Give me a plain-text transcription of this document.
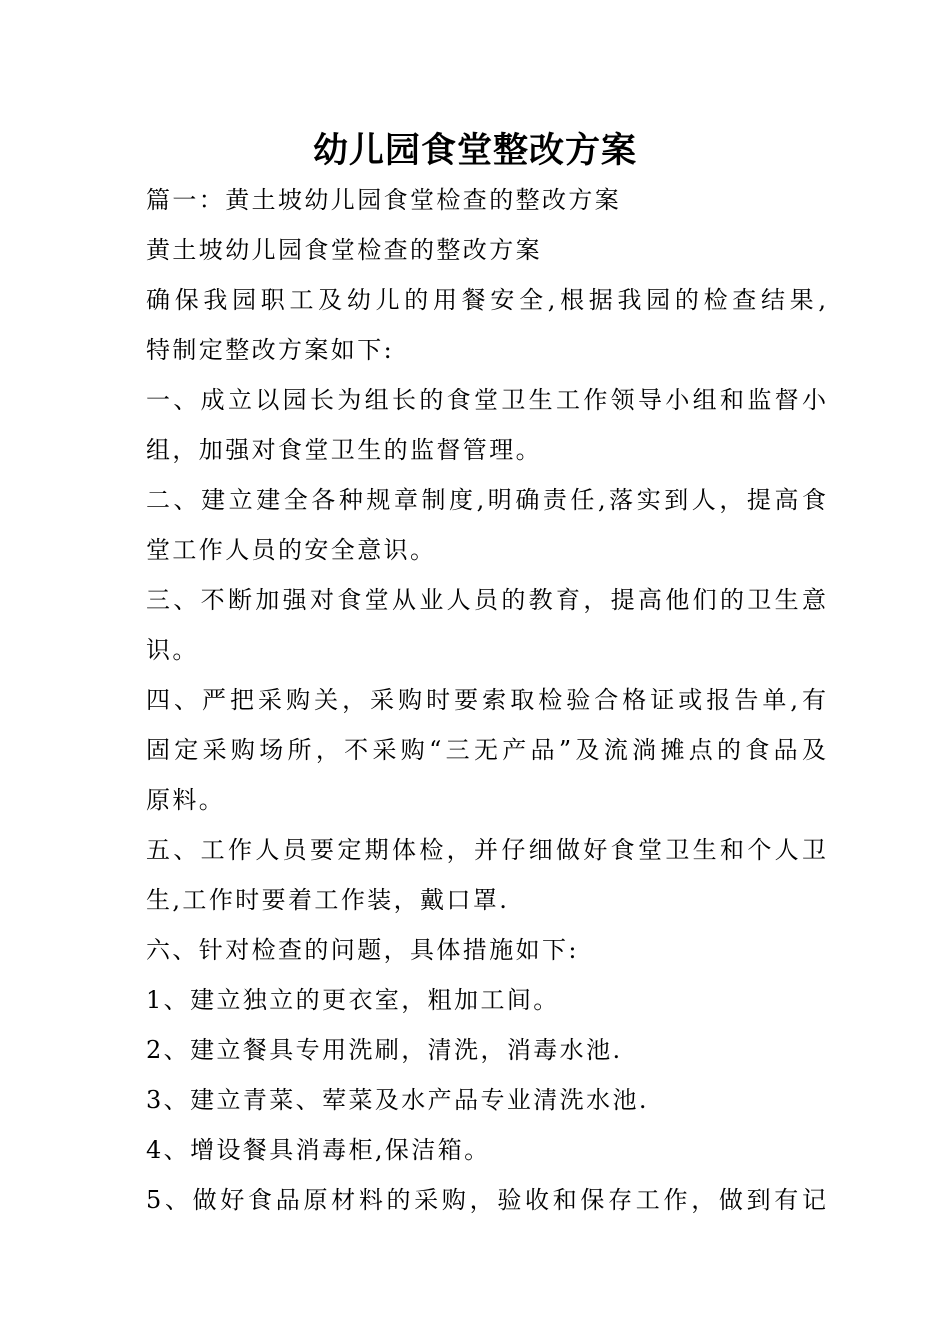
幼儿园食堂整改方案
篇一：黄土坡幼儿园食堂检查的整改方案
黄土坡幼儿园食堂检查的整改方案
确保我园职工及幼儿的用餐安全,根据我园的检查结果,
特制定整改方案如下:
一、成立以园长为组长的食堂卫生工作领导小组和监督小
组，加强对食堂卫生的监督管理。
二、建立建全各种规章制度,明确责任,落实到人，提高食
堂工作人员的安全意识。
三、不断加强对食堂从业人员的教育，提高他们的卫生意
识。
四、严把采购关，采购时要索取检验合格证或报告单,有
固定采购场所，不采购“三无产品”及流淌摊点的食品及
原料。
五、工作人员要定期体检，并仔细做好食堂卫生和个人卫
生,工作时要着工作装，戴口罩.
六、针对检查的问题，具体措施如下:
1、建立独立的更衣室，粗加工间。
2、建立餐具专用洗刷，清洗，消毒水池.
3、建立青菜、荤菜及水产品专业清洗水池.
4、增设餐具消毒柜,保洁箱。
5、做好食品原材料的采购，验收和保存工作，做到有记
